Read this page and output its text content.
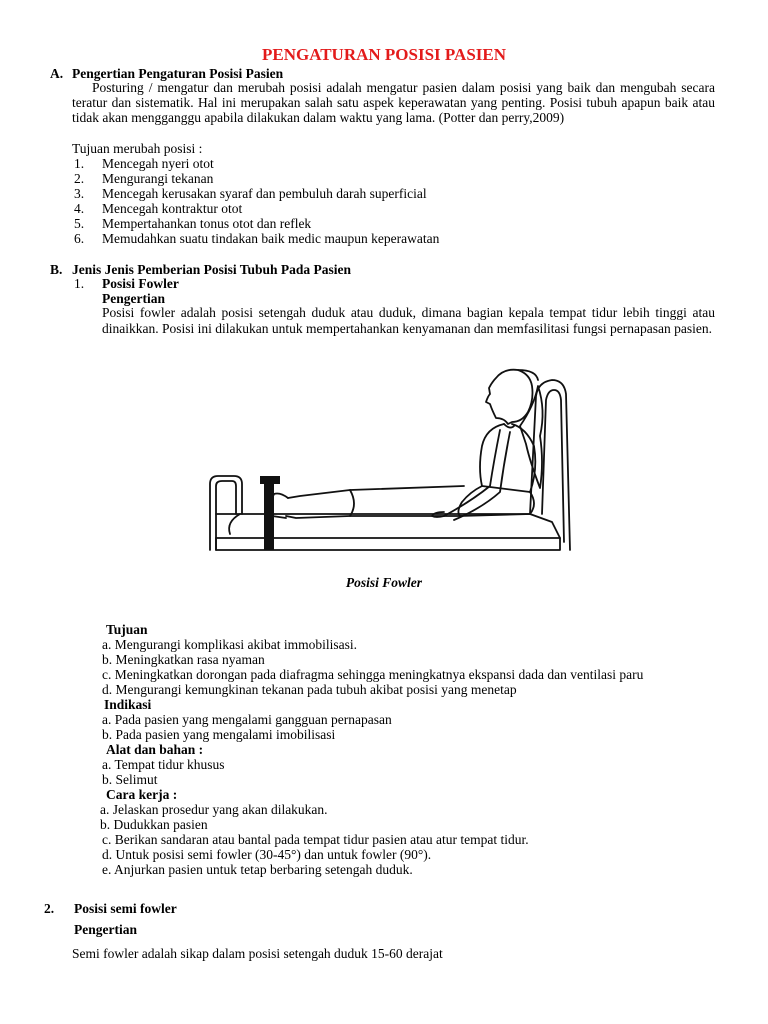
PENGATURAN POSISI PASIEN
A. Pengertian Pengaturan Posisi Pasien
Posturing / mengatur dan merubah posisi adalah mengatur pasien dalam posisi yang baik dan mengubah secara teratur dan sistematik. Hal ini merupakan salah satu aspek keperawatan yang penting. Posisi tubuh apapun baik atau tidak akan mengganggu apabila dilakukan dalam waktu yang lama. (Potter dan perry,2009)
Tujuan merubah posisi :
1.	Mencegah nyeri otot
2.	Mengurangi tekanan
3.	Mencegah kerusakan syaraf dan pembuluh darah superficial
4.	Mencegah kontraktur otot
5.	Mempertahankan tonus otot dan reflek
6.	Memudahkan suatu tindakan baik medic maupun keperawatan
B. Jenis Jenis Pemberian Posisi Tubuh Pada Pasien
1. Posisi Fowler
Pengertian
Posisi fowler adalah posisi setengah duduk atau duduk, dimana bagian kepala tempat tidur lebih tinggi atau dinaikkan. Posisi ini dilakukan untuk mempertahankan kenyamanan dan memfasilitasi fungsi pernapasan pasien.
Posisi Fowler
Tujuan
a. Mengurangi komplikasi akibat immobilisasi.
b. Meningkatkan rasa nyaman
c. Meningkatkan dorongan pada diafragma sehingga meningkatnya ekspansi dada dan ventilasi paru
d. Mengurangi kemungkinan tekanan pada tubuh akibat posisi yang menetap
Indikasi
a. Pada pasien yang mengalami gangguan pernapasan
b. Pada pasien yang mengalami imobilisasi
Alat dan bahan :
a. Tempat tidur khusus
b. Selimut
Cara kerja :
a. Jelaskan prosedur yang akan dilakukan.
b. Dudukkan pasien
c. Berikan sandaran atau bantal pada tempat tidur pasien atau atur tempat tidur.
d. Untuk posisi semi fowler (30-45°) dan untuk fowler (90°).
e. Anjurkan pasien untuk tetap berbaring setengah duduk.
2. Posisi semi fowler
Pengertian
Semi fowler adalah sikap dalam posisi setengah duduk 15-60 derajat
